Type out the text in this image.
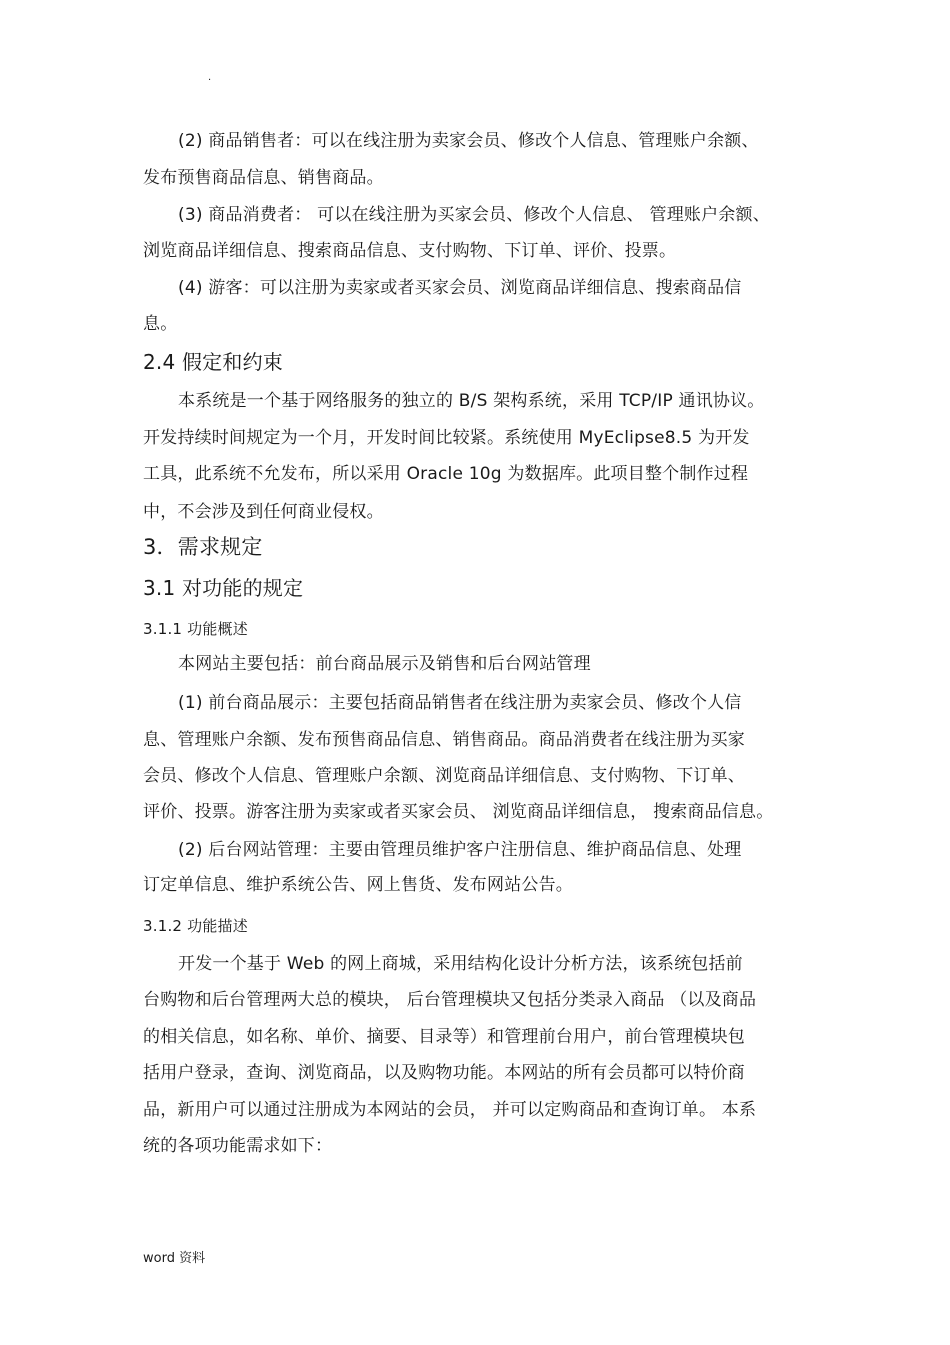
.
(2) 商品销售者：可以在线注册为卖家会员、修改个人信息、管理账户余额、
发布预售商品信息、销售商品。
(3) 商品消费者： 可以在线注册为买家会员、修改个人信息、 管理账户余额、
浏览商品详细信息、搜索商品信息、支付购物、下订单、评价、投票。
(4) 游客：可以注册为卖家或者买家会员、浏览商品详细信息、搜索商品信
息。
2.4 假定和约束
本系统是一个基于网络服务的独立的 B/S 架构系统，采用 TCP/IP 通讯协议。
开发持续时间规定为一个月，开发时间比较紧。系统使用 MyEclipse8.5 为开发
工具，此系统不允发布，所以采用 Oracle 10g 为数据库。此项目整个制作过程
中，不会涉及到任何商业侵权。
3．需求规定
3.1 对功能的规定
3.1.1 功能概述
本网站主要包括：前台商品展示及销售和后台网站管理
(1) 前台商品展示：主要包括商品销售者在线注册为卖家会员、修改个人信
息、管理账户余额、发布预售商品信息、销售商品。商品消费者在线注册为买家
会员、修改个人信息、管理账户余额、浏览商品详细信息、支付购物、下订单、
评价、投票。游客注册为卖家或者买家会员、 浏览商品详细信息， 搜索商品信息。
(2) 后台网站管理：主要由管理员维护客户注册信息、维护商品信息、处理
订定单信息、维护系统公告、网上售货、发布网站公告。
3.1.2 功能描述
开发一个基于 Web 的网上商城，采用结构化设计分析方法，该系统包括前
台购物和后台管理两大总的模块， 后台管理模块又包括分类录入商品 （以及商品
的相关信息，如名称、单价、摘要、目录等）和管理前台用户，前台管理模块包
括用户登录，查询、浏览商品，以及购物功能。本网站的所有会员都可以特价商
品，新用户可以通过注册成为本网站的会员， 并可以定购商品和查询订单。 本系
统的各项功能需求如下：
word 资料
